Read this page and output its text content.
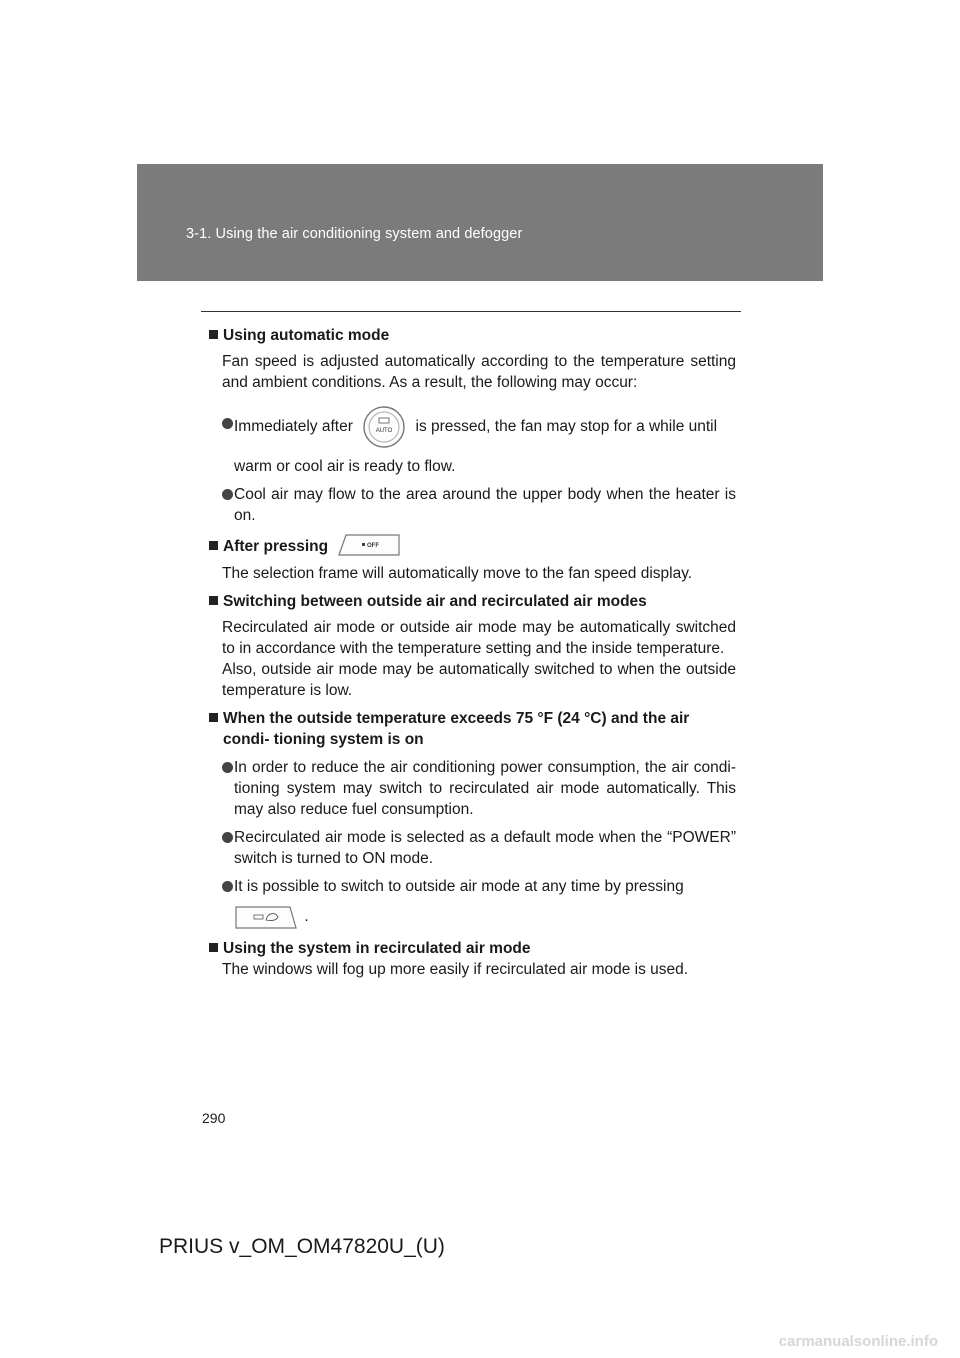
3-1. Using the air conditioning system and defogger
Using automatic mode
Fan speed is adjusted automatically according to the temperature setting and ambient conditions. As a result, the following may occur:
Immediately after	AUTO is pressed, the fan may stop for a while until
warm or cool air is ready to flow.
Cool air may flow to the area around the upper body when the heater is on.
After pressing	OFF
The selection frame will automatically move to the fan speed display.
Switching between outside air and recirculated air modes
Recirculated air mode or outside air mode may be automatically switched to in accordance with the temperature setting and the inside temperature.
Also, outside air mode may be automatically switched to when the outside temperature is low.
When the outside temperature exceeds 75 °F (24 °C) and the air condi- tioning system is on
In order to reduce the air conditioning power consumption, the air condi- tioning system may switch to recirculated air mode automatically. This may also reduce fuel consumption.
Recirculated air mode is selected as a default mode when the “POWER” switch is turned to ON mode.
It is possible to switch to outside air mode at any time by pressing
.
Using the system in recirculated air mode
The windows will fog up more easily if recirculated air mode is used.
290
PRIUS v_OM_OM47820U_(U)
carmanualsonline.info
